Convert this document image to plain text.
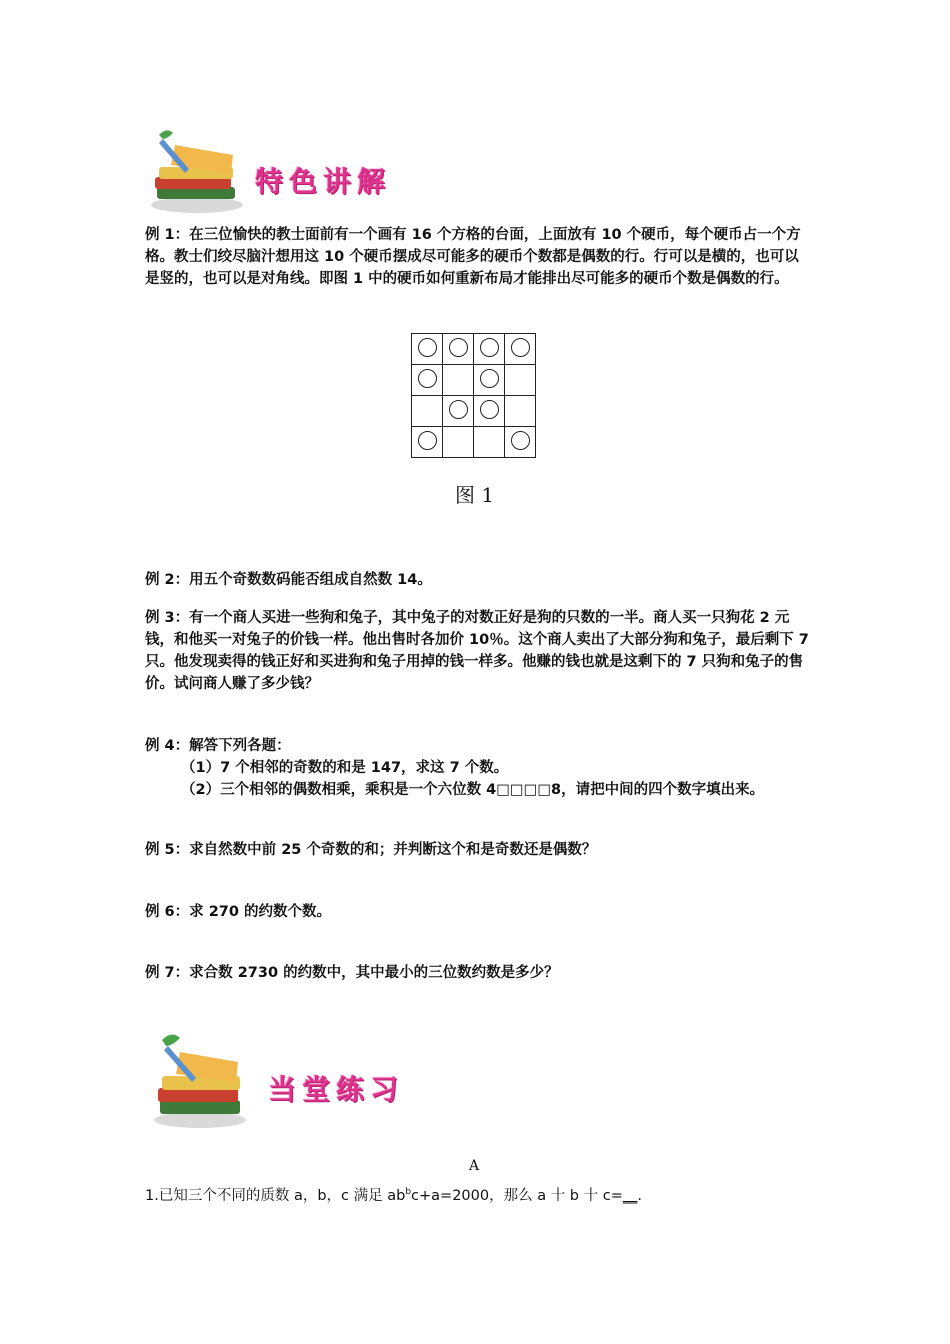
特色讲解
例 1：在三位愉快的教士面前有一个画有 16 个方格的台面，上面放有 10 个硬币，每个硬币占一个方格。教士们绞尽脑汁想用这 10 个硬币摆成尽可能多的硬币个数都是偶数的行。行可以是横的，也可以是竖的，也可以是对角线。即图 1 中的硬币如何重新布局才能排出尽可能多的硬币个数是偶数的行。

图 1
例 2：用五个奇数数码能否组成自然数 14。
例 3：有一个商人买进一些狗和兔子，其中兔子的对数正好是狗的只数的一半。商人买一只狗花 2 元钱，和他买一对兔子的价钱一样。他出售时各加价 10％。这个商人卖出了大部分狗和兔子，最后剩下 7 只。他发现卖得的钱正好和买进狗和兔子用掉的钱一样多。他赚的钱也就是这剩下的 7 只狗和兔子的售价。试问商人赚了多少钱？
例 4：解答下列各题：
（1）7 个相邻的奇数的和是 147，求这 7 个数。
（2）三个相邻的偶数相乘，乘积是一个六位数 4□□□□8，请把中间的四个数字填出来。
例 5：求自然数中前 25 个奇数的和；并判断这个和是奇数还是偶数？
例 6：求 270 的约数个数。
例 7：求合数 2730 的约数中，其中最小的三位数约数是多少？
当堂练习
A
1.已知三个不同的质数 a，b，c 满足 $ab^bc+a=2000$，那么 a 十 b 十 c=__.
